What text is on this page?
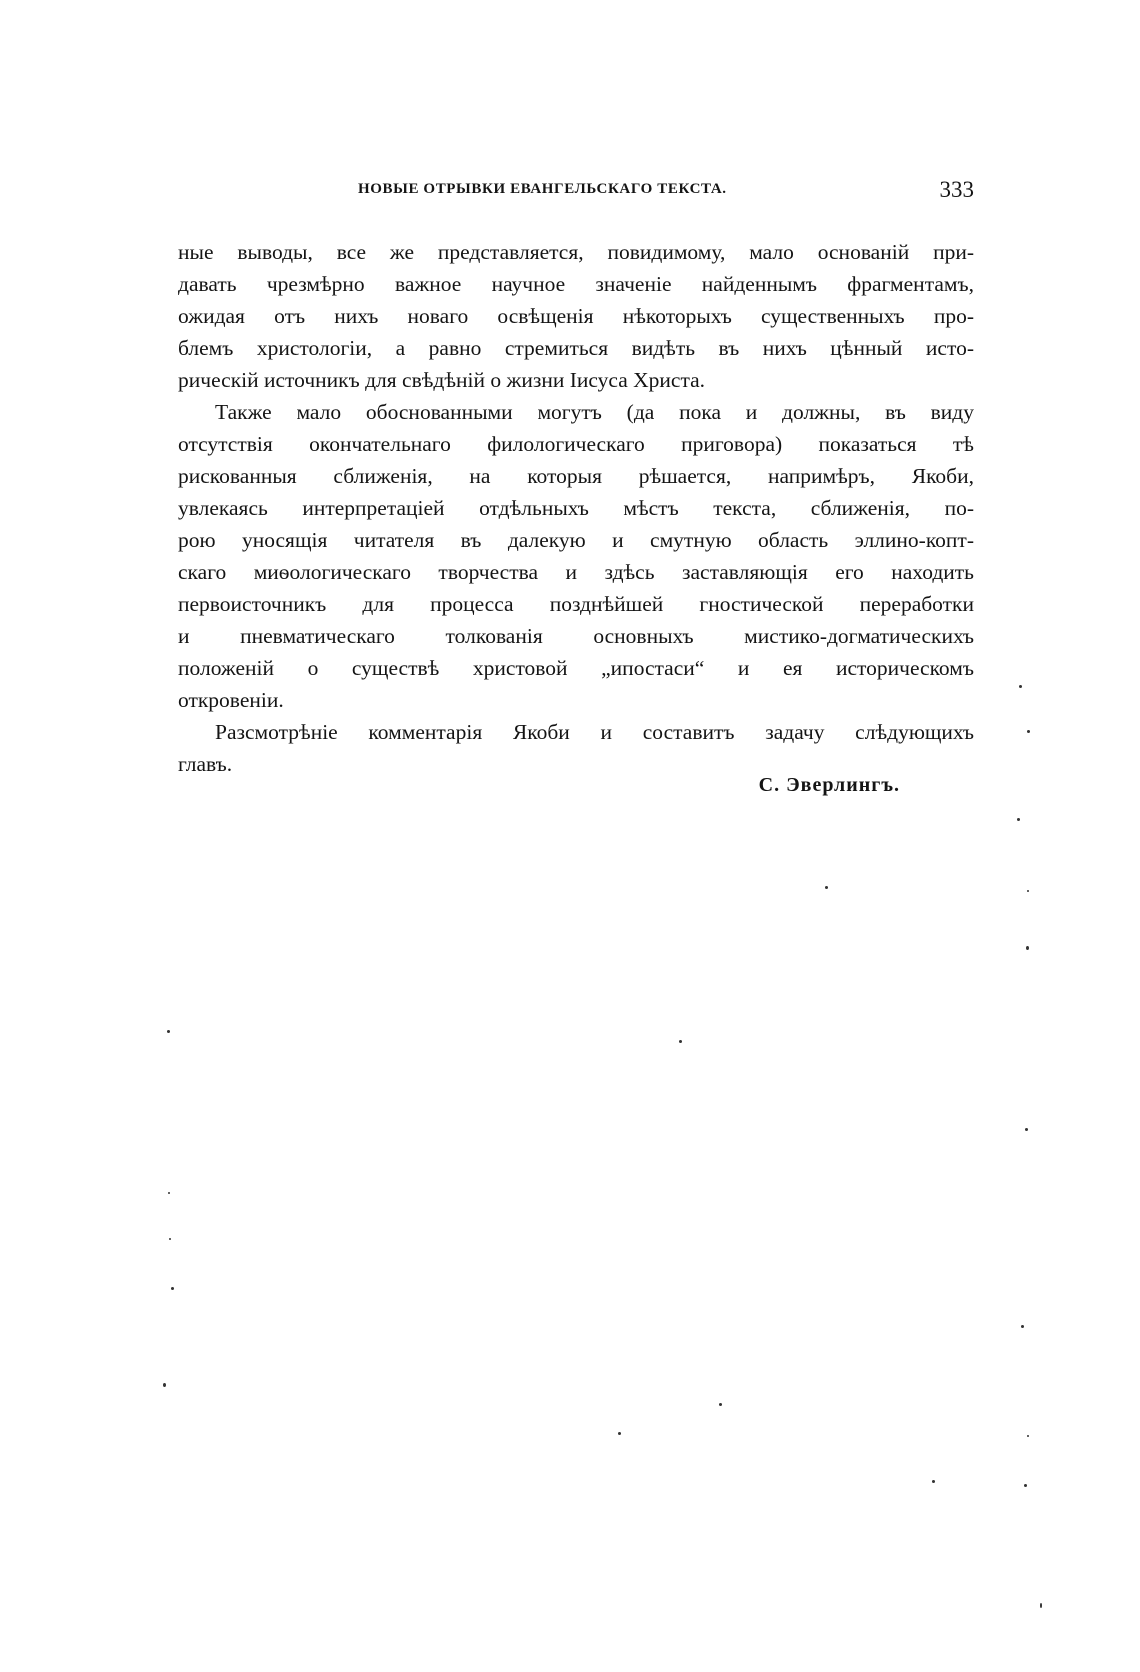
НОВЫЕ ОТРЫВКИ ЕВАНГЕЛЬСКАГО ТЕКСТА.	333
ные выводы, все же представляется, повидимому, мало основаній при-
давать чрезмѣрно важное научное значеніе найденнымъ фрагментамъ,
ожидая отъ нихъ новаго освѣщенія нѣкоторыхъ существенныхъ про-
блемъ христологіи, а равно стремиться видѣть въ нихъ цѣнный исто-
рическій источникъ для свѣдѣній о жизни Іисуса Христа.
Также мало обоснованными могутъ (да пока и должны, въ виду
отсутствія окончательнаго филологическаго приговора) показаться тѣ
рискованныя сближенія, на которыя рѣшается, напримѣръ, Якоби,
увлекаясь интерпретаціей отдѣльныхъ мѣстъ текста, сближенія, по-
рою уносящія читателя въ далекую и смутную область эллино-копт-
скаго миѳологическаго творчества и здѣсь заставляющія его находить
первоисточникъ для процесса позднѣйшей гностической переработки
и пневматическаго толкованія основныхъ мистико-догматическихъ
положеній о существѣ христовой „ипостаси“ и ея историческомъ
откровеніи.
Разсмотрѣніе комментарія Якоби и составитъ задачу слѣдующихъ
главъ.
С. Эверлингъ.
